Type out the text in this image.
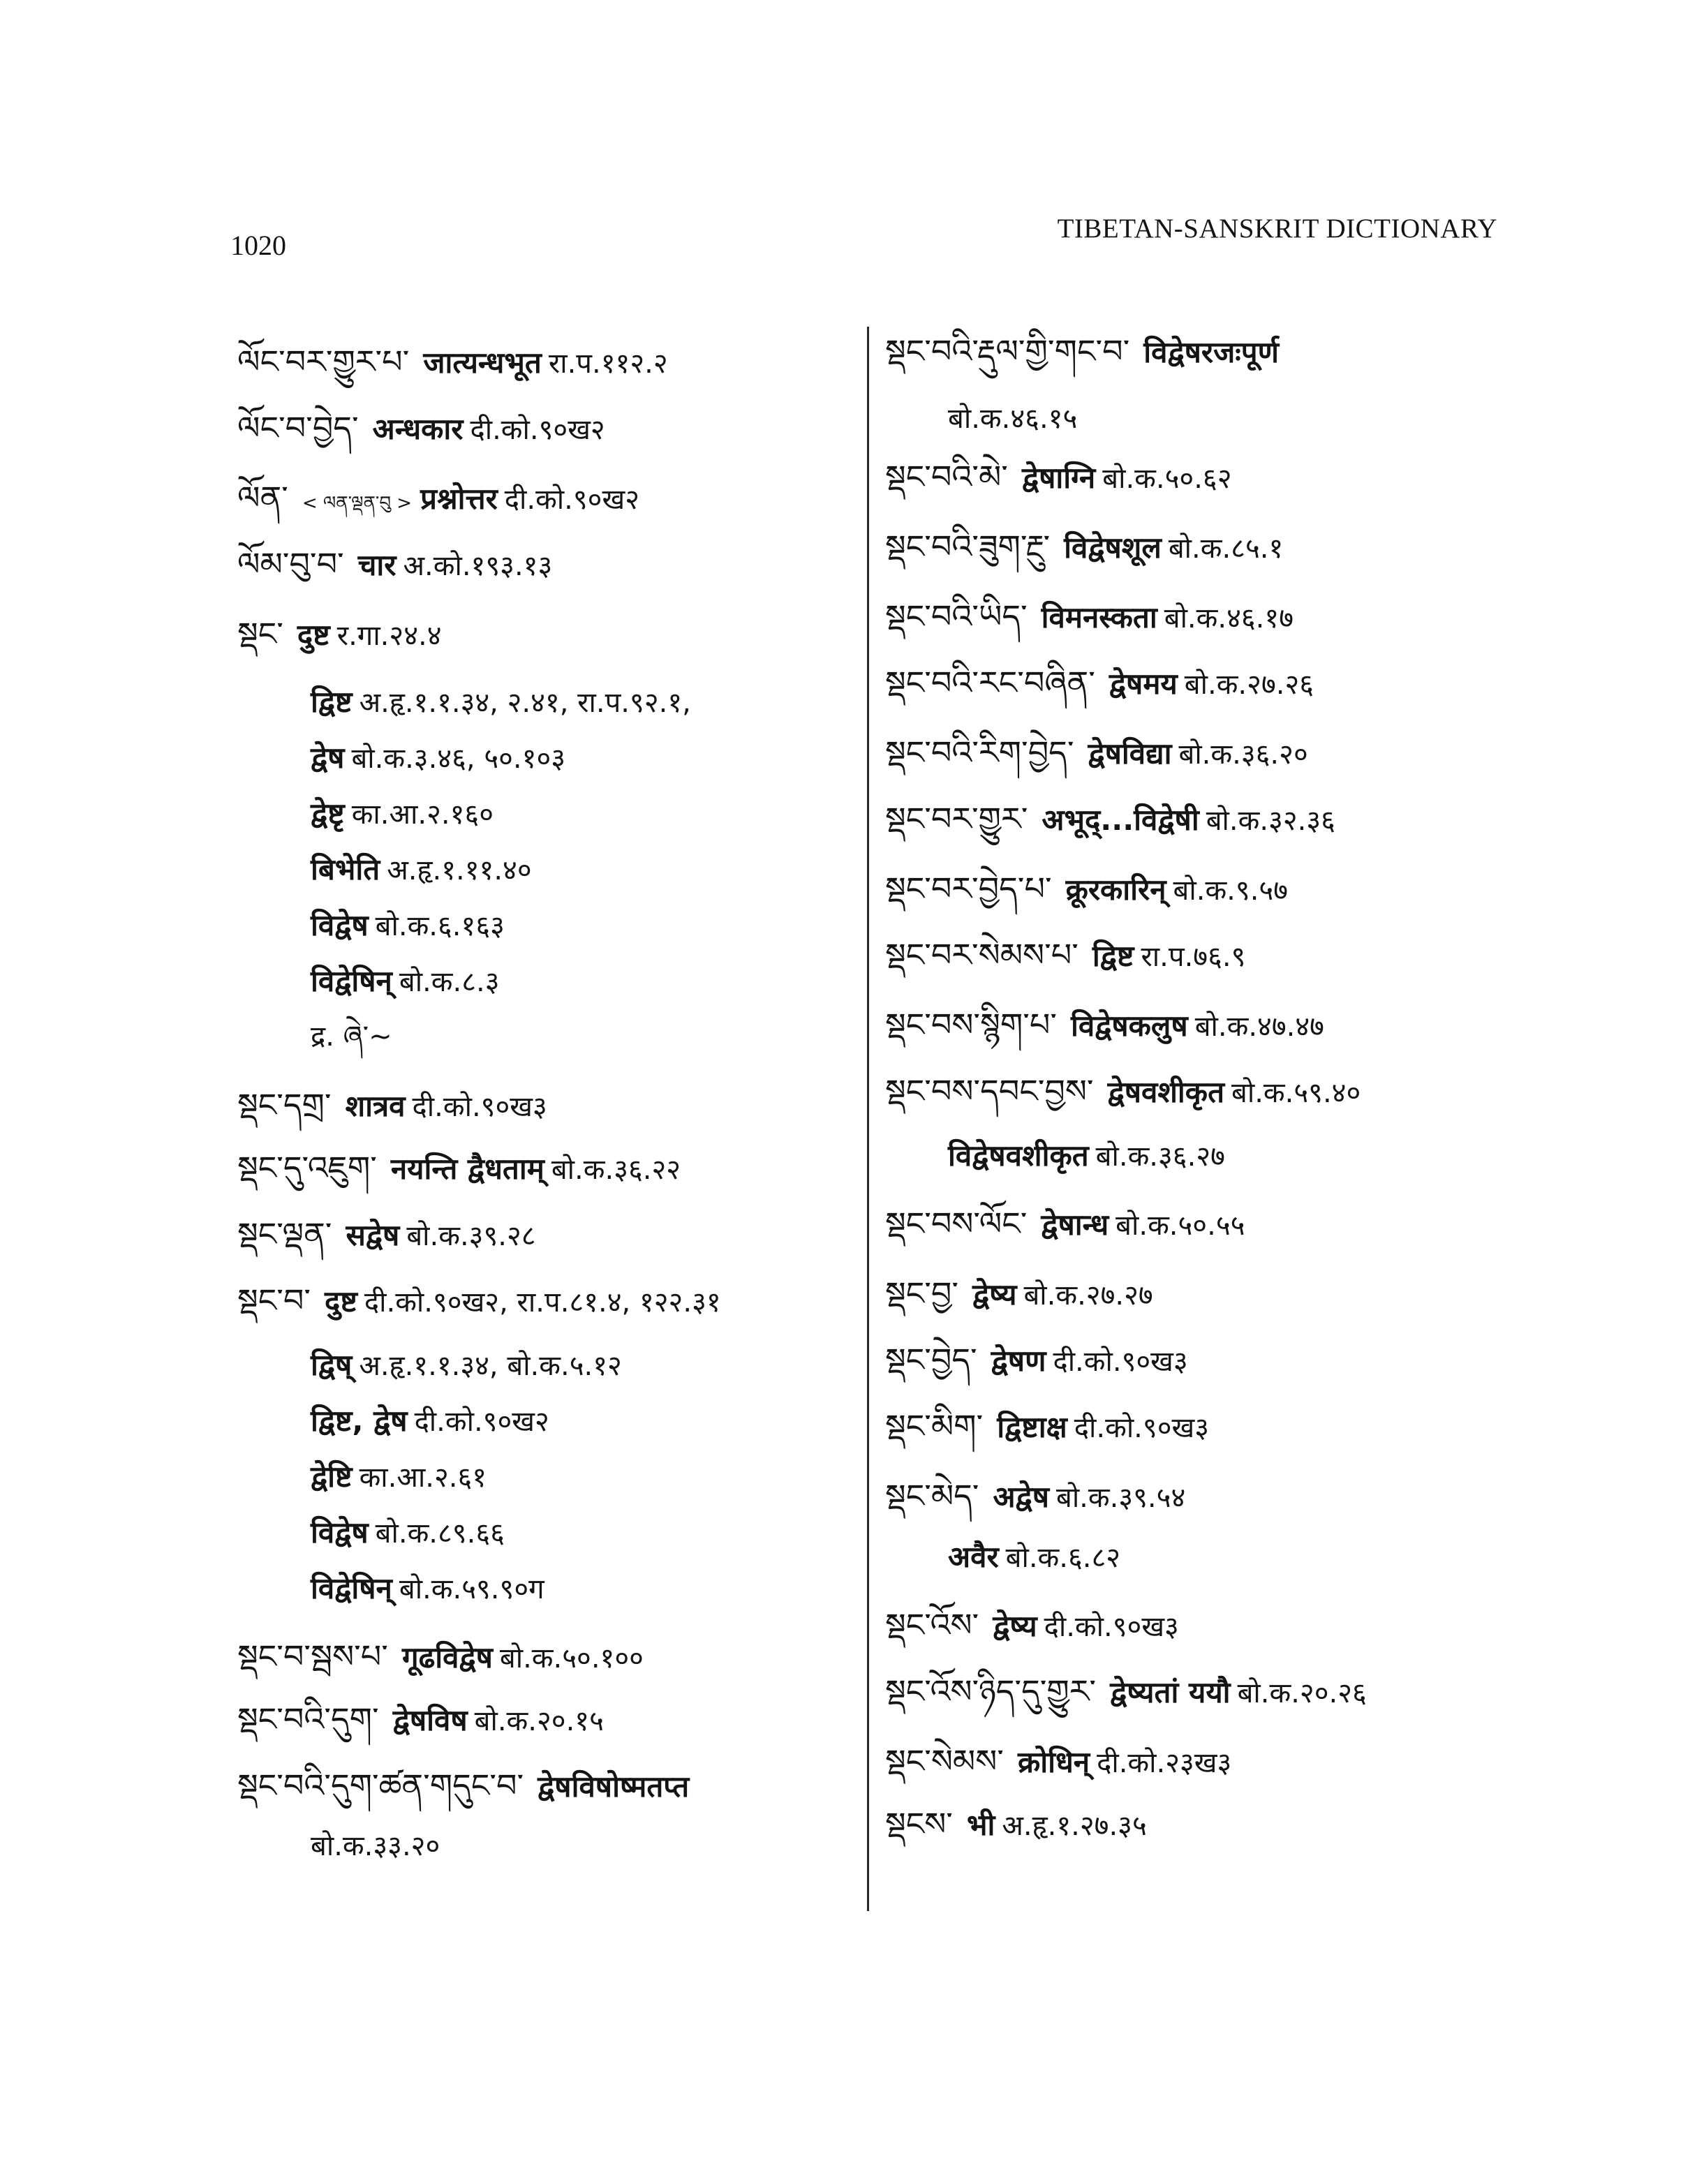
1020
TIBETAN-SANSKRIT DICTIONARY
ལོང་བར་གྱུར་པ་ जात्यन्धभूत रा.प.११२.२
ལོང་བ་བྱེད་ अन्धकार दी.को.९०ख२
ལོན་ < ལན་ལྡན་བུ > प्रश्नोत्तर दी.को.९०ख२
ལོམ་བུ་བ་ चार अ.को.१९३.१३
སྡང་ दुष्ट र.गा.२४.४
द्विष्ट अ.हृ.१.१.३४, २.४१, रा.प.९२.१,
द्वेष बो.क.३.४६, ५०.१०३
द्वेष्टृ का.आ.२.१६०
बिभेति अ.हृ.१.११.४०
विद्वेष बो.क.६.१६३
विद्वेषिन् बो.क.८.३
द्र. ཞེ་~
སྡང་དགྲ་ शात्रव दी.को.९०ख३
སྡང་དུ་འཇུག་ नयन्ति द्वैधताम् बो.क.३६.२२
སྡང་ལྡན་ सद्वेष बो.क.३९.२८
སྡང་བ་ दुष्ट दी.को.९०ख२, रा.प.८१.४, १२२.३१
द्विष् अ.हृ.१.१.३४, बो.क.५.१२
द्विष्ट, द्वेष दी.को.९०ख२
द्वेष्टि का.आ.२.६१
विद्वेष बो.क.८९.६६
विद्वेषिन् बो.क.५९.९०ग
སྡང་བ་སྦས་པ་ गूढविद्वेष बो.क.५०.१००
སྡང་བའི་དུག་ द्वेषविष बो.क.२०.१५
སྡང་བའི་དུག་ཚན་གདུང་བ་ द्वेषविषोष्मतप्त
बो.क.३३.२०
སྡང་བའི་རྡུལ་གྱི་གང་བ་ विद्वेषरजःपूर्ण
बो.क.४६.१५
སྡང་བའི་མེ་ द्वेषाग्नि बो.क.५०.६२
སྡང་བའི་ཟུག་རྔུ་ विद्वेषशूल बो.क.८५.१
སྡང་བའི་ཡིད་ विमनस्कता बो.क.४६.१७
སྡང་བའི་རང་བཞིན་ द्वेषमय बो.क.२७.२६
སྡང་བའི་རིག་བྱེད་ द्वेषविद्या बो.क.३६.२०
སྡང་བར་གྱུར་ अभूद्...विद्वेषी बो.क.३२.३६
སྡང་བར་བྱེད་པ་ क्रूरकारिन् बो.क.९.५७
སྡང་བར་སེམས་པ་ द्विष्ट रा.प.७६.९
སྡང་བས་སྙིག་པ་ विद्वेषकलुष बो.क.४७.४७
སྡང་བས་དབང་བྱས་ द्वेषवशीकृत बो.क.५९.४०
विद्वेषवशीकृत बो.क.३६.२७
སྡང་བས་ལོང་ द्वेषान्ध बो.क.५०.५५
སྡང་བྱ་ द्वेष्य बो.क.२७.२७
སྡང་བྱེད་ द्वेषण दी.को.९०ख३
སྡང་མིག་ द्विष्टाक्ष दी.को.९०ख३
སྡང་མེད་ अद्वेष बो.क.३९.५४
अवैर बो.क.६.८२
སྡང་འོས་ द्वेष्य दी.को.९०ख३
སྡང་འོས་ཉིད་དུ་གྱུར་ द्वेष्यतां ययौ बो.क.२०.२६
སྡང་སེམས་ क्रोधिन् दी.को.२३ख३
སྡངས་ भी अ.हृ.१.२७.३५
